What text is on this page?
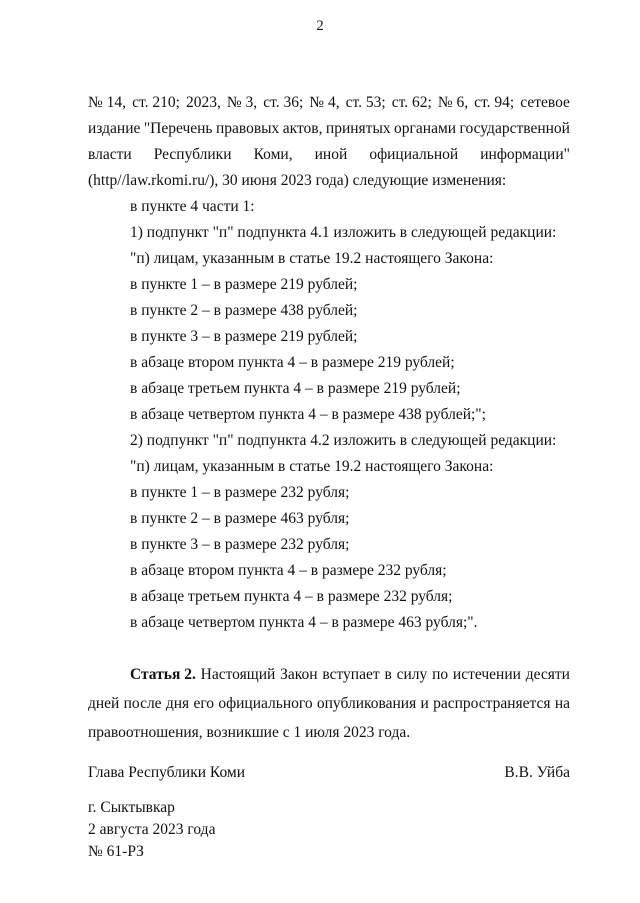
2
№ 14, ст. 210; 2023, № 3, ст. 36; № 4, ст. 53; ст. 62; № 6, ст. 94; сетевое
издание "Перечень правовых актов, принятых органами государственной
власти Республики Коми, иной официальной информации"
(http//law.rkomi.ru/), 30 июня 2023 года) следующие изменения:
в пункте 4 части 1:
1) подпункт "п" подпункта 4.1 изложить в следующей редакции:
"п) лицам, указанным в статье 19.2 настоящего Закона:
в пункте 1 – в размере 219 рублей;
в пункте 2 – в размере 438 рублей;
в пункте 3 – в размере 219 рублей;
в абзаце втором пункта 4 – в размере 219 рублей;
в абзаце третьем пункта 4 – в размере 219 рублей;
в абзаце четвертом пункта 4 – в размере 438 рублей;";
2) подпункт "п" подпункта 4.2 изложить в следующей редакции:
"п) лицам, указанным в статье 19.2 настоящего Закона:
в пункте 1 – в размере 232 рубля;
в пункте 2 – в размере 463 рубля;
в пункте 3 – в размере 232 рубля;
в абзаце втором пункта 4 – в размере 232 рубля;
в абзаце третьем пункта 4 – в размере 232 рубля;
в абзаце четвертом пункта 4 – в размере 463 рубля;".
Статья 2. Настоящий Закон вступает в силу по истечении десяти
дней после дня его официального опубликования и распространяется на
правоотношения, возникшие с 1 июля 2023 года.
Глава Республики Коми	В.В. Уйба
г. Сыктывкар
2 августа 2023 года
№ 61-РЗ
